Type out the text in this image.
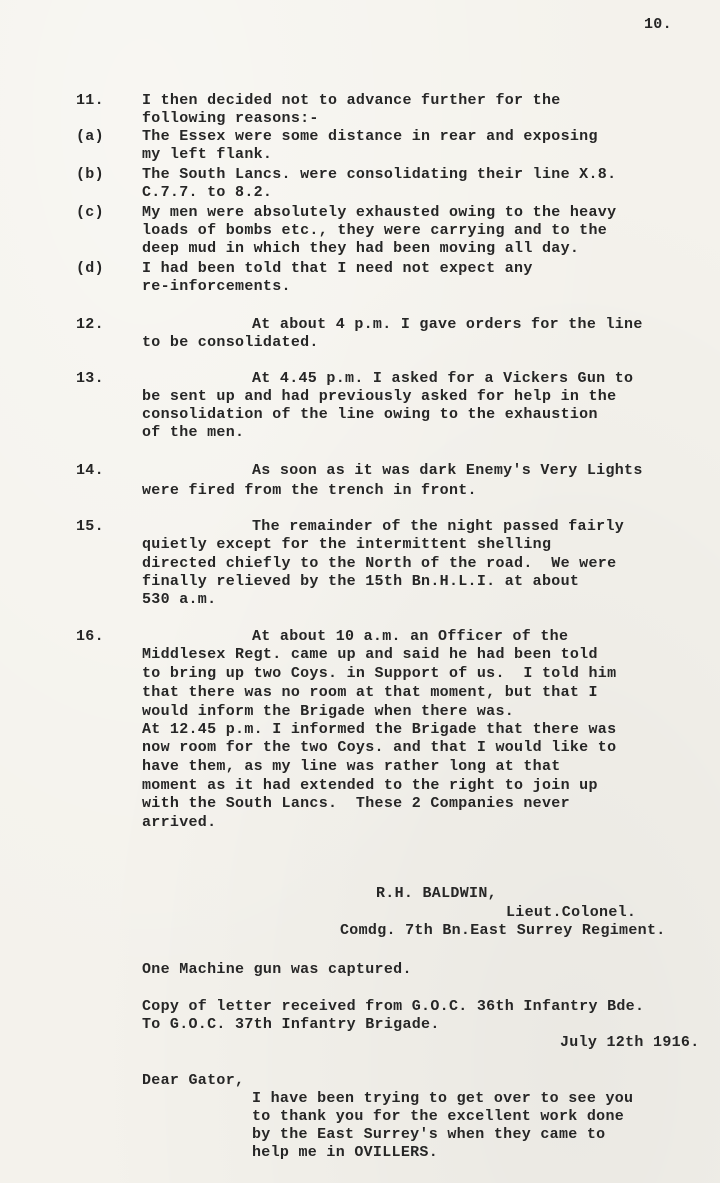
10.
11.	I then decided not to advance further for the
following reasons:-
(a)	The Essex were some distance in rear and exposing
my left flank.
(b)	The South Lancs. were consolidating their line X.8.
C.7.7. to 8.2.
(c)	My men were absolutely exhausted owing to the heavy
loads of bombs etc., they were carrying and to the
deep mud in which they had been moving all day.
(d)	I had been told that I need not expect any
re-inforcements.
12.	At about 4 p.m. I gave orders for the line
to be consolidated.
13.	At 4.45 p.m. I asked for a Vickers Gun to
be sent up and had previously asked for help in the
consolidation of the line owing to the exhaustion
of the men.
14.	As soon as it was dark Enemy's Very Lights
were fired from the trench in front.
15.	The remainder of the night passed fairly
quietly except for the intermittent shelling
directed chiefly to the North of the road.  We were
finally relieved by the 15th Bn.H.L.I. at about
530 a.m.
16.	At about 10 a.m. an Officer of the
Middlesex Regt. came up and said he had been told
to bring up two Coys. in Support of us.  I told him
that there was no room at that moment, but that I
would inform the Brigade when there was.
At 12.45 p.m. I informed the Brigade that there was
now room for the two Coys. and that I would like to
have them, as my line was rather long at that
moment as it had extended to the right to join up
with the South Lancs.  These 2 Companies never
arrived.
R.H. BALDWIN,
Lieut.Colonel.
Comdg. 7th Bn.East Surrey Regiment.
One Machine gun was captured.
Copy of letter received from G.O.C. 36th Infantry Bde.
To G.O.C. 37th Infantry Brigade.
July 12th 1916.
Dear Gator,
I have been trying to get over to see you
to thank you for the excellent work done
by the East Surrey's when they came to
help me in OVILLERS.
